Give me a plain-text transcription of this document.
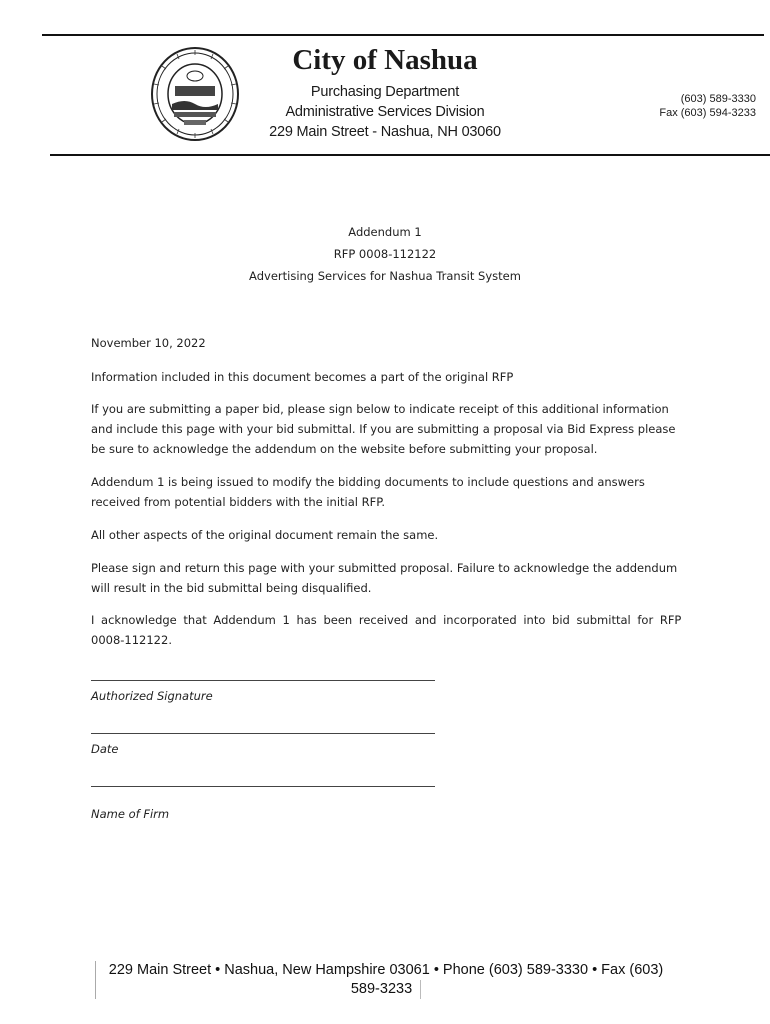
City of Nashua
Purchasing Department
Administrative Services Division
229 Main Street - Nashua, NH 03060
(603) 589-3330
Fax (603) 594-3233
Addendum 1
RFP 0008-112122
Advertising Services for Nashua Transit System

November 10, 2022

Information included in this document becomes a part of the original RFP

If you are submitting a paper bid, please sign below to indicate receipt of this additional information and include this page with your bid submittal. If you are submitting a proposal via Bid Express please be sure to acknowledge the addendum on the website before submitting your proposal.

Addendum 1 is being issued to modify the bidding documents to include questions and answers received from potential bidders with the initial RFP.

All other aspects of the original document remain the same.

Please sign and return this page with your submitted proposal. Failure to acknowledge the addendum will result in the bid submittal being disqualified.

I acknowledge that Addendum 1 has been received and incorporated into bid submittal for RFP 0008-112122.

Authorized Signature
Date
Name of Firm
229 Main Street • Nashua, New Hampshire 03061 • Phone (603) 589-3330 • Fax (603) 589-3233
